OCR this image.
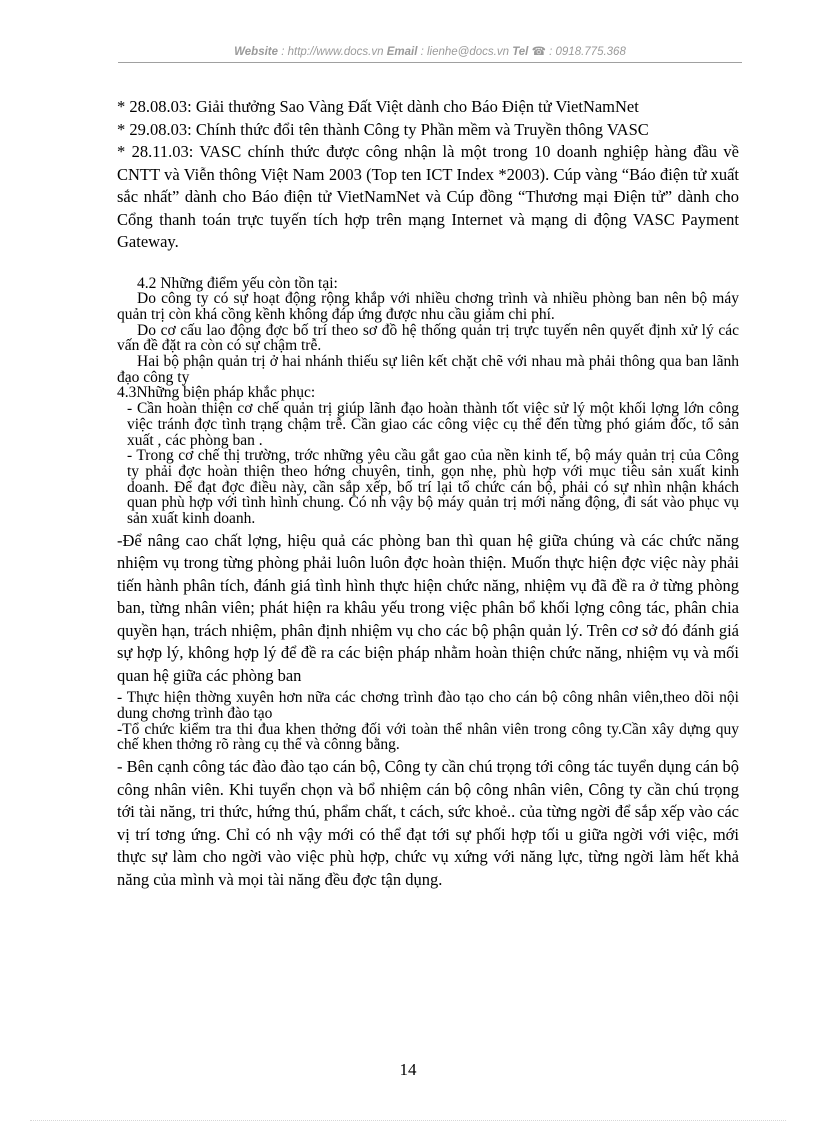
Website : http://www.docs.vn Email : lienhe@docs.vn Tel ☎ : 0918.775.368

* 28.08.03: Giải thưởng Sao Vàng Đất Việt dành cho Báo Điện tử VietNamNet

* 29.08.03: Chính thức đổi tên thành Công ty Phần mềm và Truyền thông VASC

* 28.11.03: VASC chính thức được công nhận là một trong 10 doanh nghiệp hàng đầu về CNTT và Viễn thông Việt Nam 2003 (Top ten ICT Index *2003). Cúp vàng “Báo điện tử xuất sắc nhất” dành cho Báo điện tử VietNamNet và Cúp đồng “Thương mại Điện tử” dành cho Cổng thanh toán trực tuyến tích hợp trên mạng Internet và mạng di động VASC Payment Gateway.

4.2 Những điểm yếu còn tồn tại:

Do công ty có sự hoạt động rộng khắp với nhiều chơng trình và nhiều phòng ban nên bộ máy quản trị còn khá cồng kềnh không đáp ứng được nhu cầu giảm chi phí.

Do cơ cấu lao động đợc bố trí theo sơ đồ hệ thống quản trị trực tuyến nên quyết định xử lý các vấn đề đặt ra còn có sự chậm trễ.

Hai bộ phận quản trị ở hai nhánh thiếu sự liên kết chặt chẽ với nhau mà phải thông qua ban lãnh đạo công ty

4.3Những biện pháp khắc phục:

- Cần hoàn thiện cơ chế quản trị giúp lãnh đạo hoàn thành tốt việc sử lý một khối lợng lớn công việc tránh đợc tình trạng chậm trễ. Cần giao các công việc cụ thể đến từng phó giám đốc, tổ sản xuất , các phòng ban .

- Trong cơ chế thị trường, trớc những yêu cầu gắt gao của nền kinh tế, bộ máy quản trị của Công ty phải đợc hoàn thiện theo hớng chuyên, tinh, gọn nhẹ, phù hợp với mục tiêu sản xuất kinh doanh. Để đạt đợc điều này, cần sắp xếp, bố trí lại tổ chức cán bộ, phải có sự nhìn nhận khách quan phù hợp với tình hình chung. Có nh vậy bộ máy quản trị mới năng động, đi sát vào phục vụ sản xuất kinh doanh.

-Để nâng cao chất lợng, hiệu quả các phòng ban thì quan hệ giữa chúng và các chức năng nhiệm vụ trong từng phòng phải luôn luôn đợc hoàn thiện. Muốn thực hiện đợc việc này phải tiến hành phân tích, đánh giá tình hình thực hiện chức năng, nhiệm vụ đã đề ra ở từng phòng ban, từng nhân viên; phát hiện ra khâu yếu trong việc phân bổ khối lợng công tác, phân chia quyền hạn, trách nhiệm, phân định nhiệm vụ cho các bộ phận quản lý. Trên cơ sở đó đánh giá sự hợp lý, không hợp lý để đề ra các biện pháp nhằm hoàn thiện chức năng, nhiệm vụ và mối quan hệ giữa các phòng ban

- Thực hiện thờng xuyên hơn nữa các chơng trình đào tạo cho cán bộ công nhân viên,theo dõi nội dung chơng trình đào tạo

-Tổ chức kiểm tra thi đua khen thởng đối với toàn thể nhân viên trong công ty.Cần xây dựng quy chế khen thởng rõ ràng cụ thể và cônng bằng.

- Bên cạnh công tác đào đào tạo cán bộ, Công ty cần chú trọng tới công tác tuyển dụng cán bộ công nhân viên. Khi tuyển chọn và bổ nhiệm cán bộ công nhân viên, Công ty cần chú trọng tới tài năng, tri thức, hứng thú, phẩm chất, t cách, sức khoẻ.. của từng ngời để sắp xếp vào các vị trí tơng ứng. Chỉ có nh vậy mới có thể đạt tới sự phối hợp tối u giữa ngời với việc, mới thực sự làm cho ngời vào việc phù hợp, chức vụ xứng với năng lực, từng ngời làm hết khả năng của mình và mọi tài năng đều đợc tận dụng.

14
